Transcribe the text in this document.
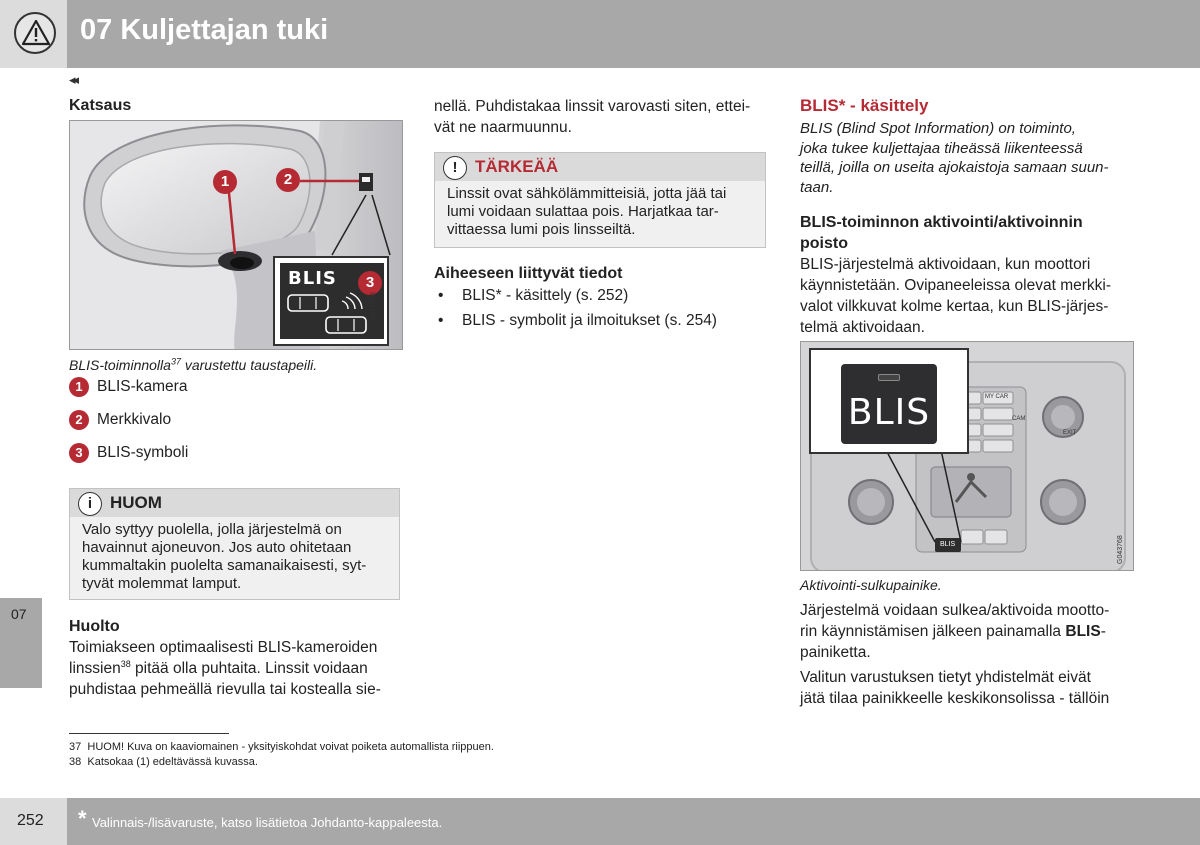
07 Kuljettajan tuki
◂◂
07
Katsaus
1	2
BLIS	3
G021426
BLIS-toiminnolla$^{37}$ varustettu taustapeili.
1 BLIS-kamera
2 Merkkivalo
3 BLIS-symboli
i	HUOM
Valo syttyy puolella, jolla järjestelmä on
havainnut ajoneuvon. Jos auto ohitetaan
kummaltakin puolelta samanaikaisesti, syt-
tyvät molemmat lamput.
Huolto
Toimiakseen optimaalisesti BLIS-kameroiden
linssien$^{38}$ pitää olla puhtaita. Linssit voidaan
puhdistaa pehmeällä rievulla tai kostealla sie-
nellä. Puhdistakaa linssit varovasti siten, ettei-
vät ne naarmuunnu.
!	TÄRKEÄÄ
Linssit ovat sähkölämmitteisiä, jotta jää tai
lumi voidaan sulattaa pois. Harjatkaa tar-
vittaessa lumi pois linsseiltä.
Aiheeseen liittyvät tiedot
• BLIS* - käsittely (s. 252)
• BLIS - symbolit ja ilmoitukset (s. 254)
BLIS* - käsittely
BLIS (Blind Spot Information) on toiminto,
joka tukee kuljettajaa tiheässä liikenteessä
teillä, joilla on useita ajokaistoja samaan suun-
taan.
BLIS-toiminnon aktivointi/aktivoinnin
poisto
BLIS-järjestelmä aktivoidaan, kun moottori
käynnistetään. Ovipaneeleissa olevat merkki-
valot vilkkuvat kolme kertaa, kun BLIS-järjes-
telmä aktivoidaan.
MY CAR
CAM
EXIT
BLIS
BLIS	G043768
Aktivointi-sulkupainike.
Järjestelmä voidaan sulkea/aktivoida mootto-
rin käynnistämisen jälkeen painamalla BLIS-
painiketta.
Valitun varustuksen tietyt yhdistelmät eivät
jätä tilaa painikkeelle keskikonsolissa - tällöin
37 HUOM! Kuva on kaaviomainen - yksityiskohdat voivat poiketa automallista riippuen.
38 Katsokaa (1) edeltävässä kuvassa.
252 * Valinnais-/lisävaruste, katso lisätietoa Johdanto-kappaleesta.
